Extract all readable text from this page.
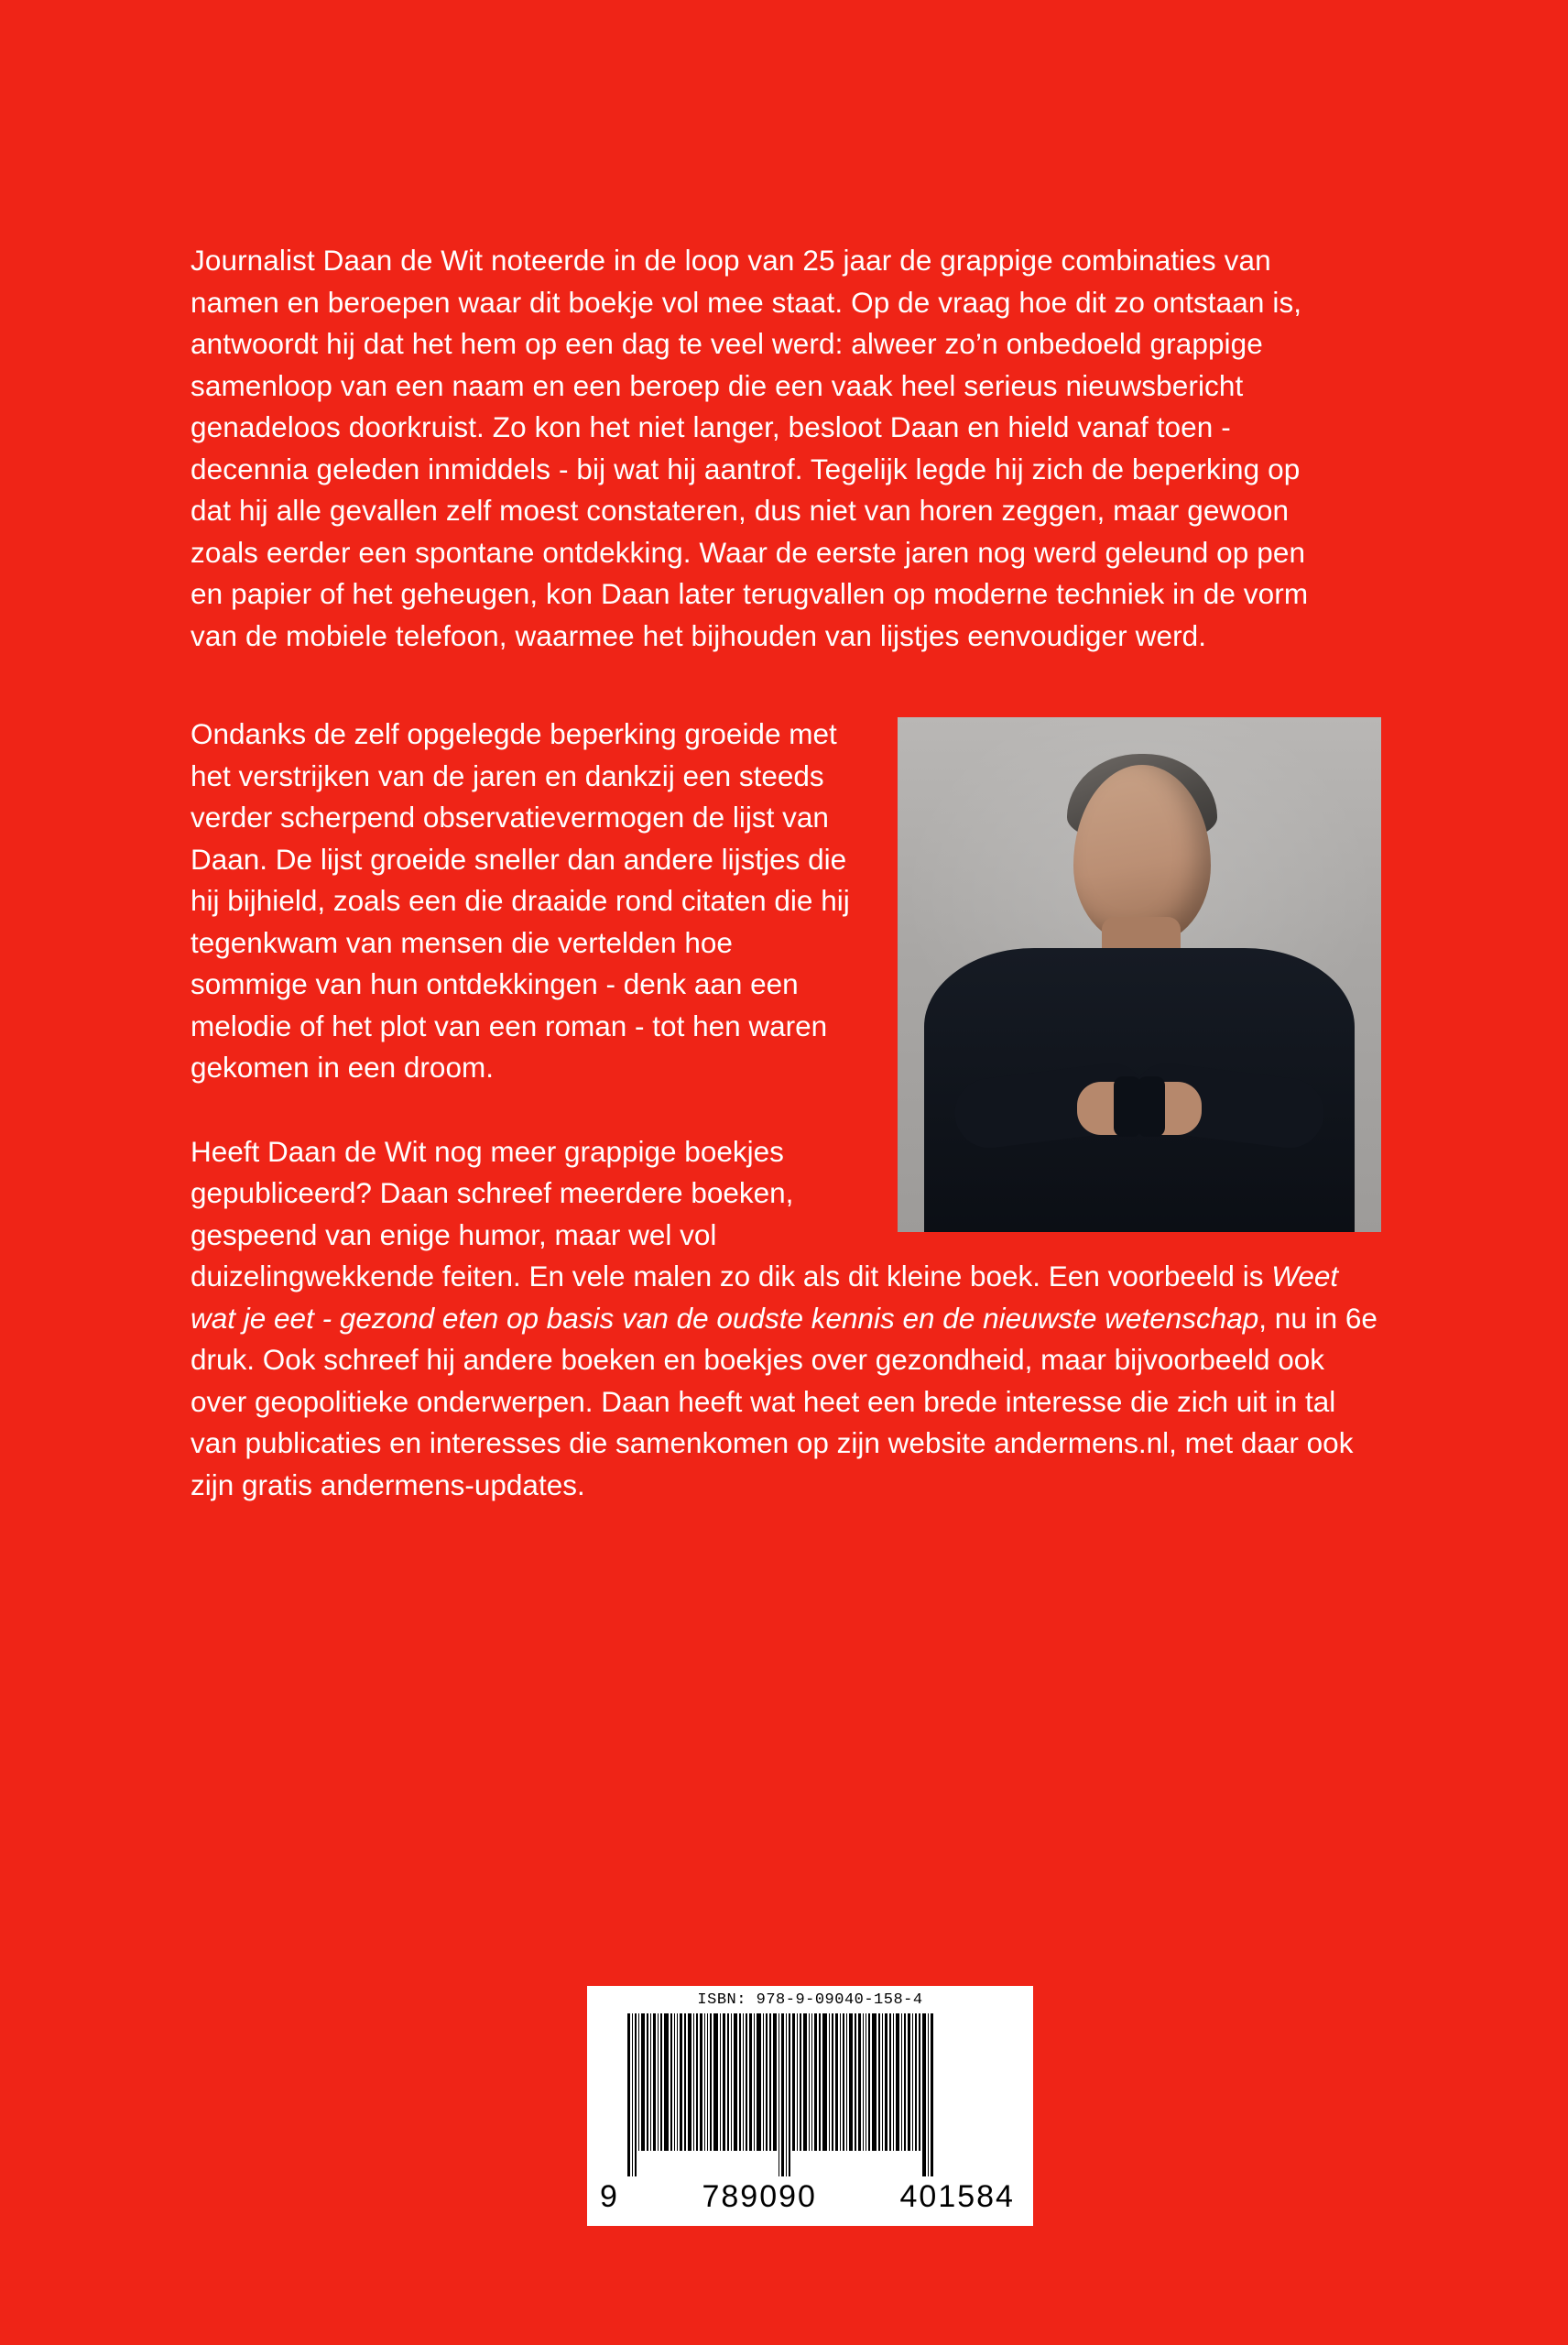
Journalist Daan de Wit noteerde in de loop van 25 jaar de grappige combinaties van namen en beroepen waar dit boekje vol mee staat. Op de vraag hoe dit zo ontstaan is, antwoordt hij dat het hem op een dag te veel werd: alweer zo’n onbedoeld grappige samenloop van een naam en een beroep die een vaak heel serieus nieuwsbericht genadeloos doorkruist. Zo kon het niet langer, besloot Daan en hield vanaf toen - decennia geleden inmiddels - bij wat hij aantrof. Tegelijk legde hij zich de beperking op dat hij alle gevallen zelf moest constateren, dus niet van horen zeggen, maar gewoon zoals eerder een spontane ontdekking. Waar de eerste jaren nog werd geleund op pen en papier of het geheugen, kon Daan later terugvallen op moderne techniek in de vorm van de mobiele telefoon, waarmee het bijhouden van lijstjes eenvoudiger werd.

Ondanks de zelf opgelegde beperking groeide met het verstrijken van de jaren en dankzij een steeds verder scherpend observatievermogen de lijst van Daan. De lijst groeide sneller dan andere lijstjes die hij bijhield, zoals een die draaide rond citaten die hij tegenkwam van mensen die vertelden hoe sommige van hun ontdekkingen - denk aan een melodie of het plot van een roman - tot hen waren gekomen in een droom.

Heeft Daan de Wit nog meer grappige boekjes gepubliceerd? Daan schreef meerdere boeken, gespeend van enige humor, maar wel vol duizelingwekkende feiten. En vele malen zo dik als dit kleine boek. Een voorbeeld is Weet wat je eet - gezond eten op basis van de oudste kennis en de nieuwste wetenschap, nu in 6e druk. Ook schreef hij andere boeken en boekjes over gezondheid, maar bijvoorbeeld ook over geopolitieke onderwerpen. Daan heeft wat heet een brede interesse die zich uit in tal van publicaties en interesses die samenkomen op zijn website andermens.nl, met daar ook zijn gratis andermens-updates.

ISBN: 978-9-09040-158-4
9	789090	401584
